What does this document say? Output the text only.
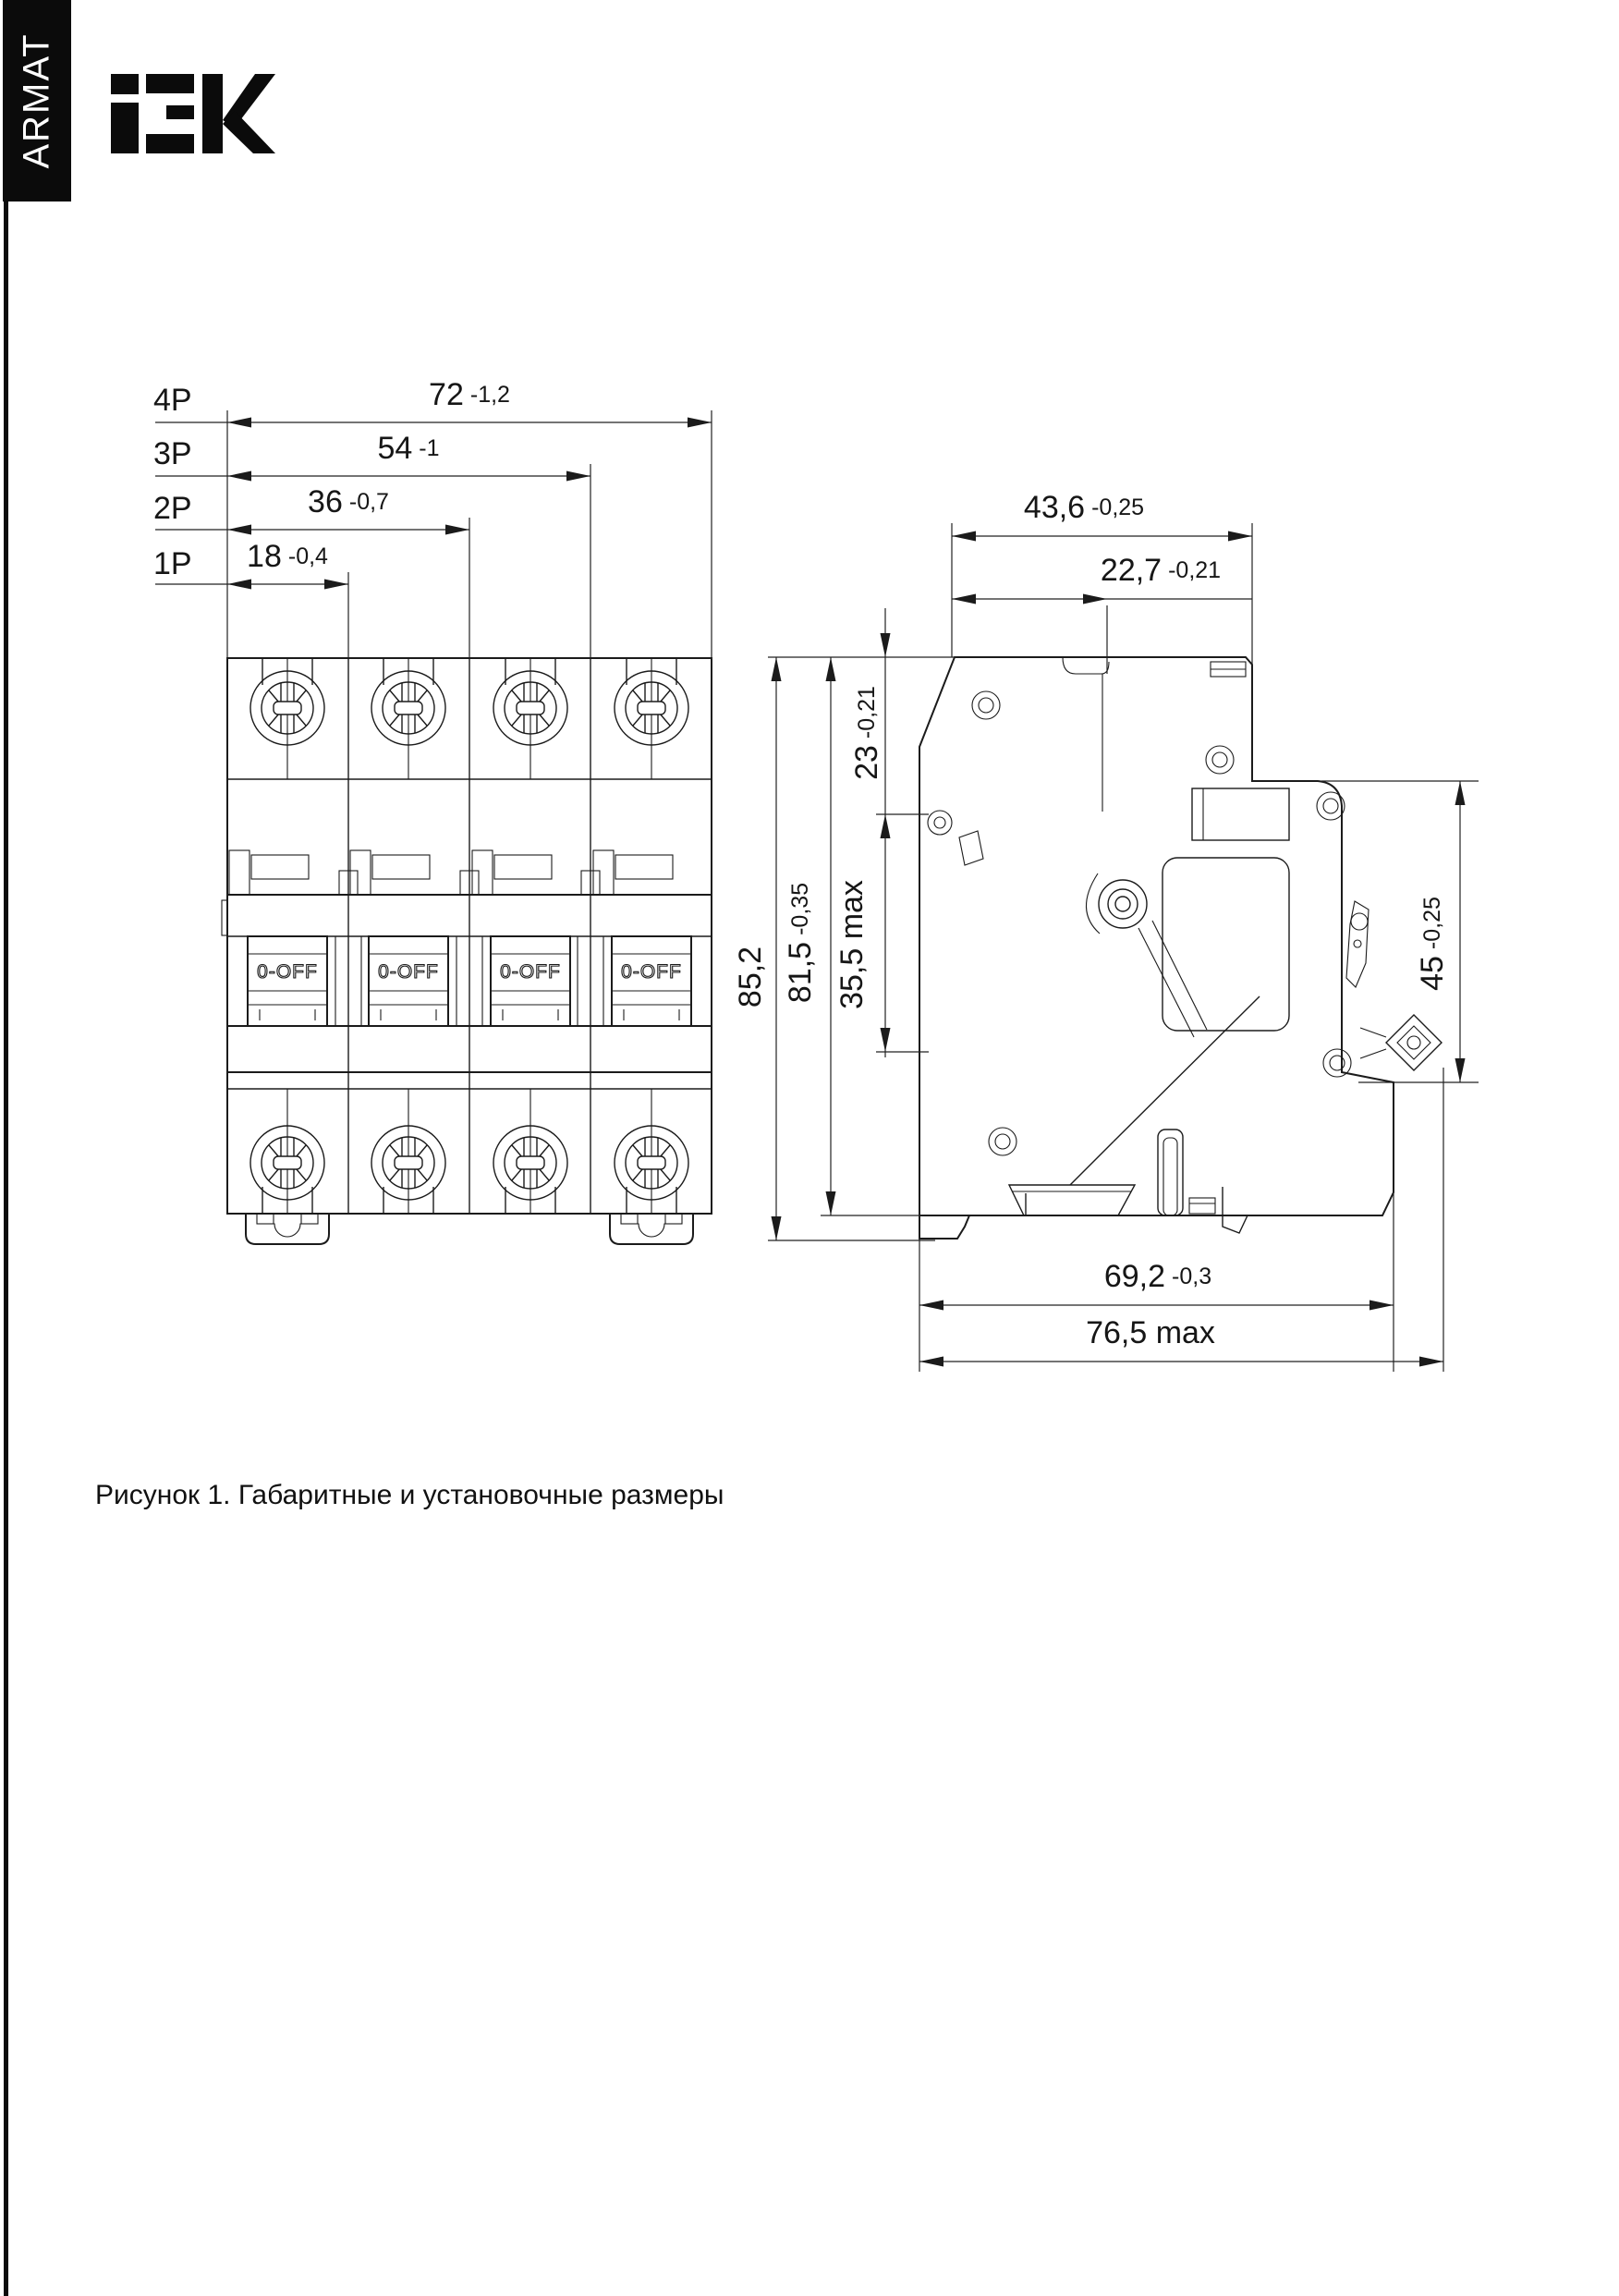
ARMAT
4P
3P
2P
1P
72 -1,2
54 -1
36 -0,7
18 -0,4
0-OFF	0-OFF	0-OFF	0-OFF
43,6 -0,25
22,7 -0,21
23
-0,21
35,5 max
85,2 81,5
-0,35
45
-0,25
69,2 -0,3
76,5 max
Рисунок 1. Габаритные и установочные размеры
